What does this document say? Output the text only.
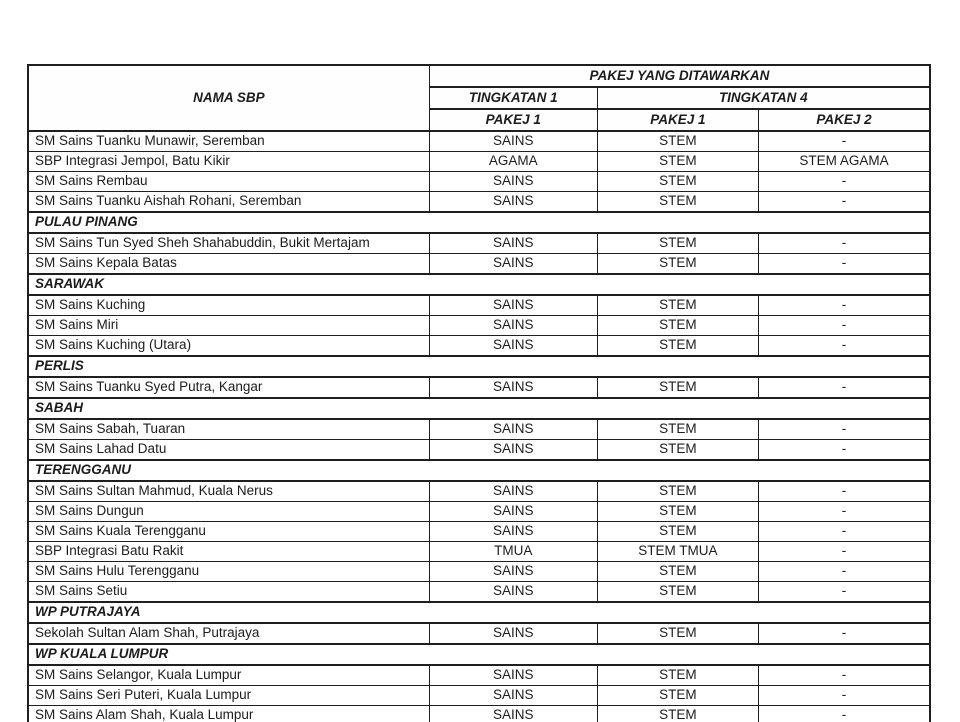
NAMA SBP	PAKEJ YANG DITAWARKAN		
	TINGKATAN 1	TINGKATAN 4	
	PAKEJ 1	PAKEJ 1	PAKEJ 2
SM Sains Tuanku Munawir, Seremban	SAINS	STEM	-
SBP Integrasi Jempol, Batu Kikir	AGAMA	STEM	STEM AGAMA
SM Sains Rembau	SAINS	STEM	-
SM Sains Tuanku Aishah Rohani, Seremban	SAINS	STEM	-
PULAU PINANG			
SM Sains Tun Syed Sheh Shahabuddin, Bukit Mertajam	SAINS	STEM	-
SM Sains Kepala Batas	SAINS	STEM	-
SARAWAK			
SM Sains Kuching	SAINS	STEM	-
SM Sains Miri	SAINS	STEM	-
SM Sains Kuching (Utara)	SAINS	STEM	-
PERLIS			
SM Sains Tuanku Syed Putra, Kangar	SAINS	STEM	-
SABAH			
SM Sains Sabah, Tuaran	SAINS	STEM	-
SM Sains Lahad Datu	SAINS	STEM	-
TERENGGANU			
SM Sains Sultan Mahmud, Kuala Nerus	SAINS	STEM	-
SM Sains Dungun	SAINS	STEM	-
SM Sains Kuala Terengganu	SAINS	STEM	-
SBP Integrasi Batu Rakit	TMUA	STEM TMUA	-
SM Sains Hulu Terengganu	SAINS	STEM	-
SM Sains Setiu	SAINS	STEM	-
WP PUTRAJAYA			
Sekolah Sultan Alam Shah, Putrajaya	SAINS	STEM	-
WP KUALA LUMPUR			
SM Sains Selangor, Kuala Lumpur	SAINS	STEM	-
SM Sains Seri Puteri, Kuala Lumpur	SAINS	STEM	-
SM Sains Alam Shah, Kuala Lumpur	SAINS	STEM	-
